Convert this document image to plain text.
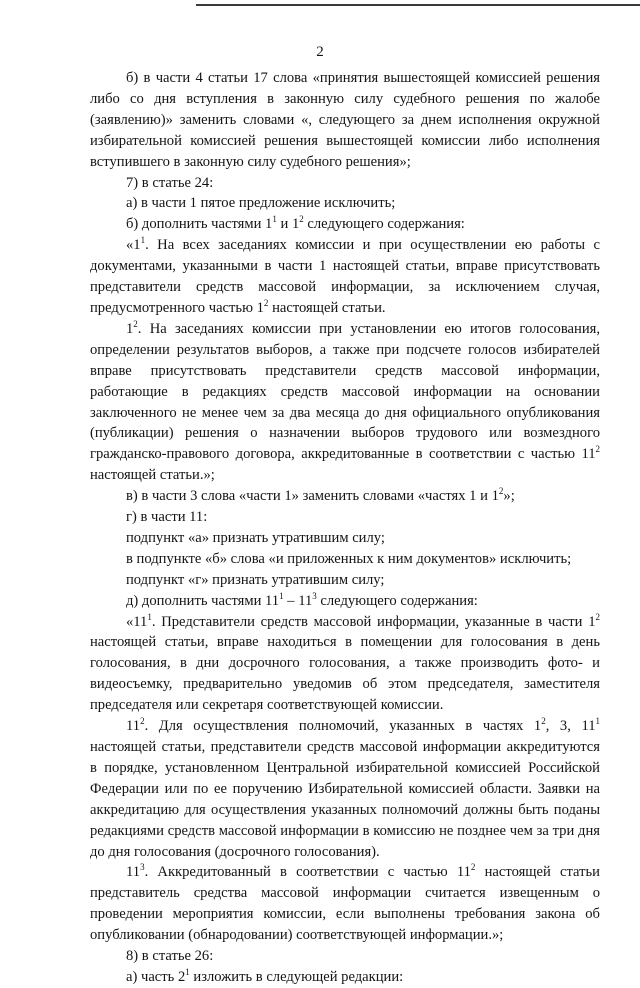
2

б) в части 4 статьи 17 слова «принятия вышестоящей комиссией решения либо со дня вступления в законную силу судебного решения по жалобе (заявлению)» заменить словами «, следующего за днем исполнения окружной избирательной комиссией решения вышестоящей комиссии либо исполнения вступившего в законную силу судебного решения»;

7) в статье 24:

а) в части 1 пятое предложение исключить;

б) дополнить частями $1^1$ и $1^2$ следующего содержания:

«$1^1$. На всех заседаниях комиссии и при осуществлении ею работы с документами, указанными в части 1 настоящей статьи, вправе присутствовать представители средств массовой информации, за исключением случая, предусмотренного частью $1^2$ настоящей статьи.

$1^2$. На заседаниях комиссии при установлении ею итогов голосования, определении результатов выборов, а также при подсчете голосов избирателей вправе присутствовать представители средств массовой информации, работающие в редакциях средств массовой информации на основании заключенного не менее чем за два месяца до дня официального опубликования (публикации) решения о назначении выборов трудового или возмездного гражданско-правового договора, аккредитованные в соответствии с частью $11^2$ настоящей статьи.»;

в) в части 3 слова «части 1» заменить словами «частях 1 и $1^2$»;

г) в части 11:

подпункт «а» признать утратившим силу;

в подпункте «б» слова «и приложенных к ним документов» исключить;

подпункт «г» признать утратившим силу;

д) дополнить частями $11^1 - 11^3$ следующего содержания:

«$11^1$. Представители средств массовой информации, указанные в части $1^2$ настоящей статьи, вправе находиться в помещении для голосования в день голосования, в дни досрочного голосования, а также производить фото- и видеосъемку, предварительно уведомив об этом председателя, заместителя председателя или секретаря соответствующей комиссии.

$11^2$. Для осуществления полномочий, указанных в частях $1^2$, 3, $11^1$ настоящей статьи, представители средств массовой информации аккредитуются в порядке, установленном Центральной избирательной комиссией Российской Федерации или по ее поручению Избирательной комиссией области. Заявки на аккредитацию для осуществления указанных полномочий должны быть поданы редакциями средств массовой информации в комиссию не позднее чем за три дня до дня голосования (досрочного голосования).

$11^3$. Аккредитованный в соответствии с частью $11^2$ настоящей статьи представитель средства массовой информации считается извещенным о проведении мероприятия комиссии, если выполнены требования закона об опубликовании (обнародовании) соответствующей информации.»;

8) в статье 26:

а) часть $2^1$ изложить в следующей редакции:
